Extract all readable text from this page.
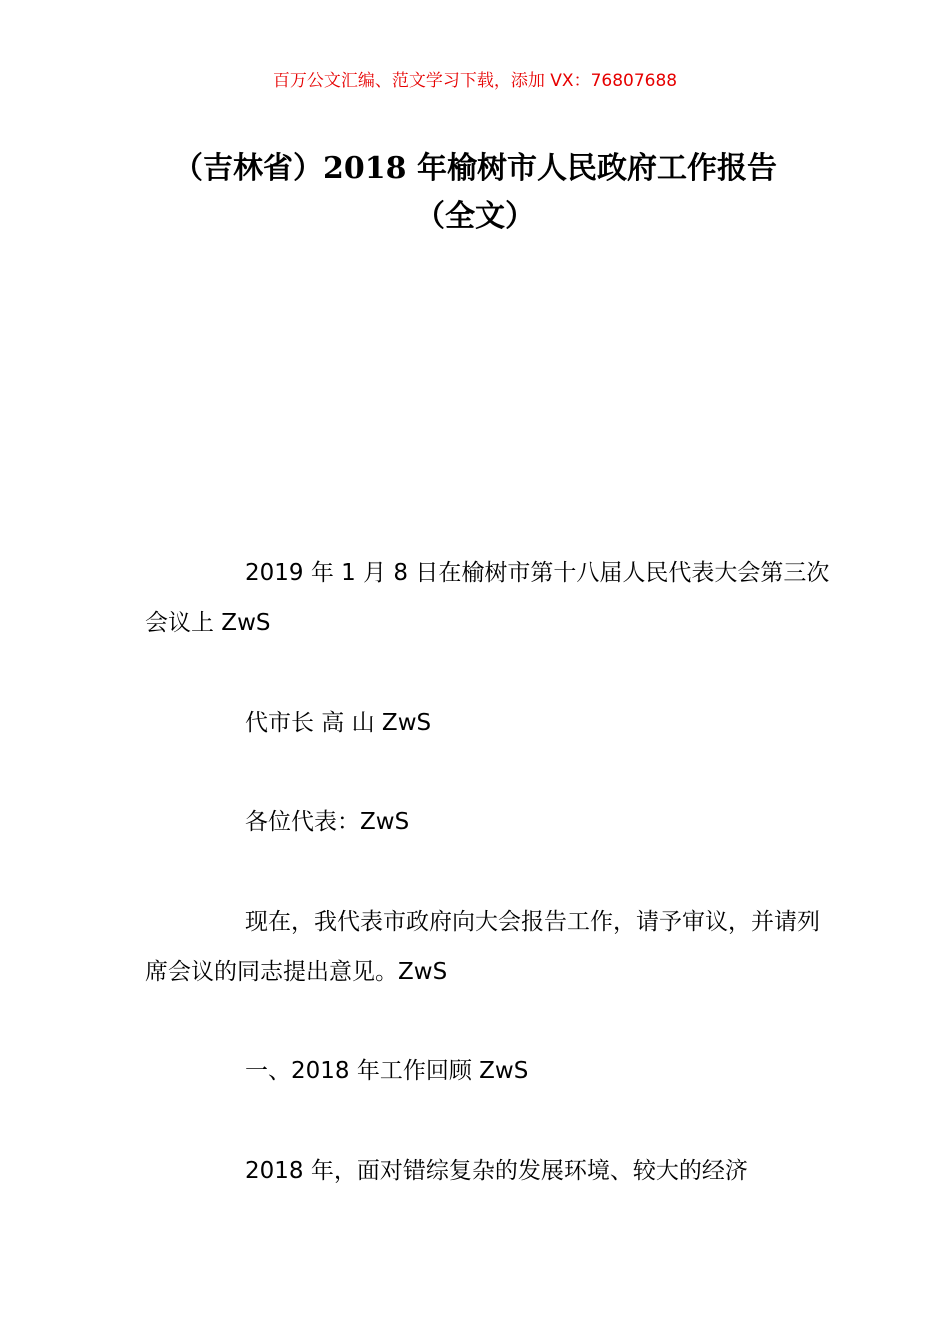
百万公文汇编、范文学习下载，添加 VX：76807688
（吉林省）2018 年榆树市人民政府工作报告（全文）

2019 年 1 月 8 日在榆树市第十八届人民代表大会第三次会议上 ZwS

代市长 高 山 ZwS

各位代表：ZwS

现在，我代表市政府向大会报告工作，请予审议，并请列席会议的同志提出意见。ZwS

一、2018 年工作回顾 ZwS

2018 年，面对错综复杂的发展环境、较大的经济
